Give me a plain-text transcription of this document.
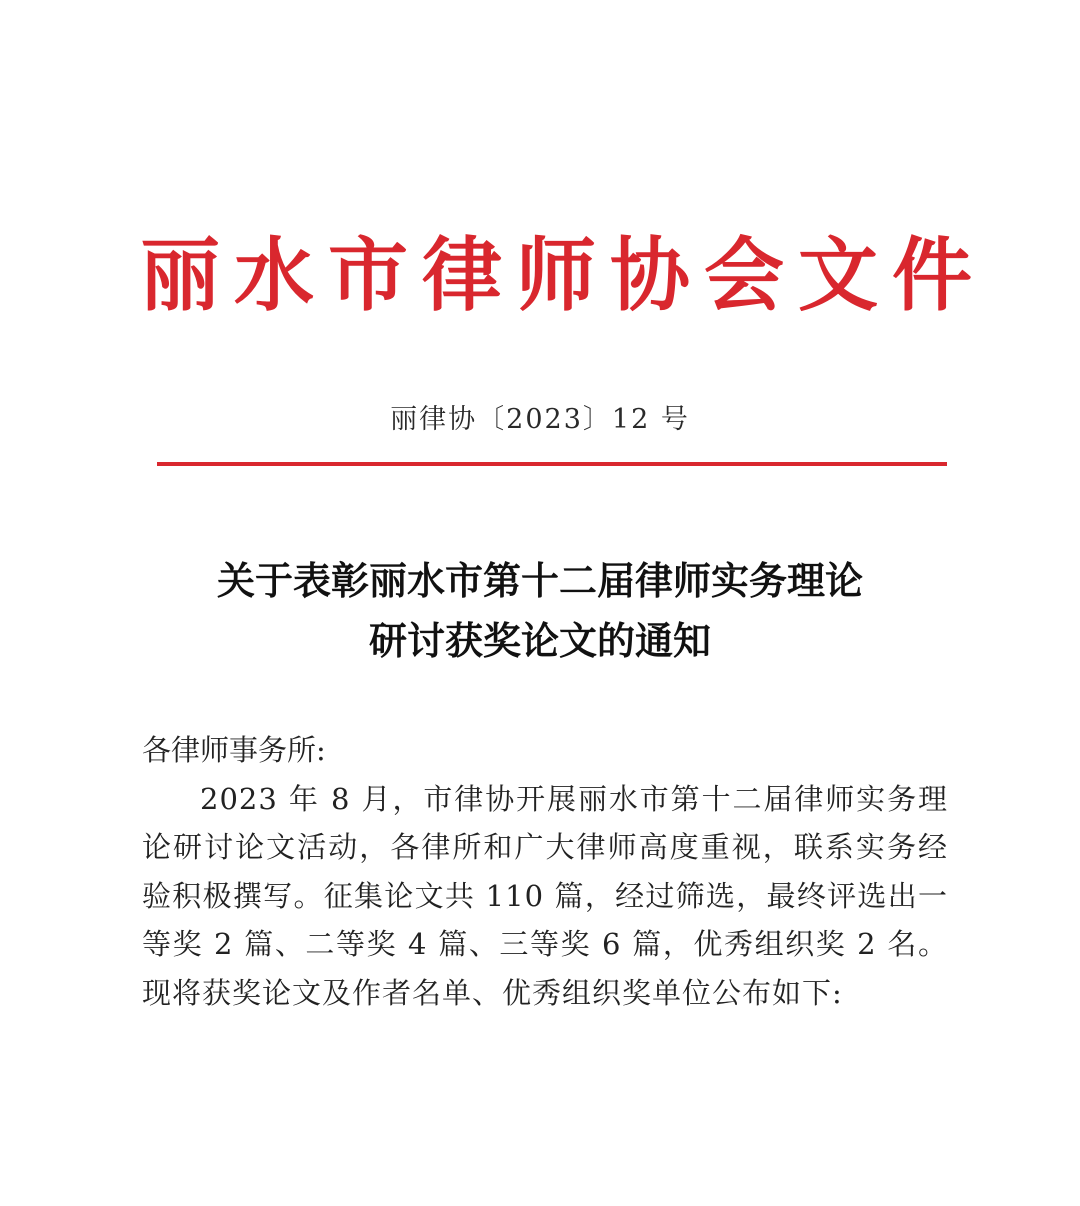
丽水市律师协会文件
丽律协〔2023〕12 号
关于表彰丽水市第十二届律师实务理论
研讨获奖论文的通知
各律师事务所:

2023 年 8 月，市律协开展丽水市第十二届律师实务理论研讨论文活动，各律所和广大律师高度重视，联系实务经验积极撰写。征集论文共 110 篇，经过筛选，最终评选出一等奖 2 篇、二等奖 4 篇、三等奖 6 篇，优秀组织奖 2 名。现将获奖论文及作者名单、优秀组织奖单位公布如下:
